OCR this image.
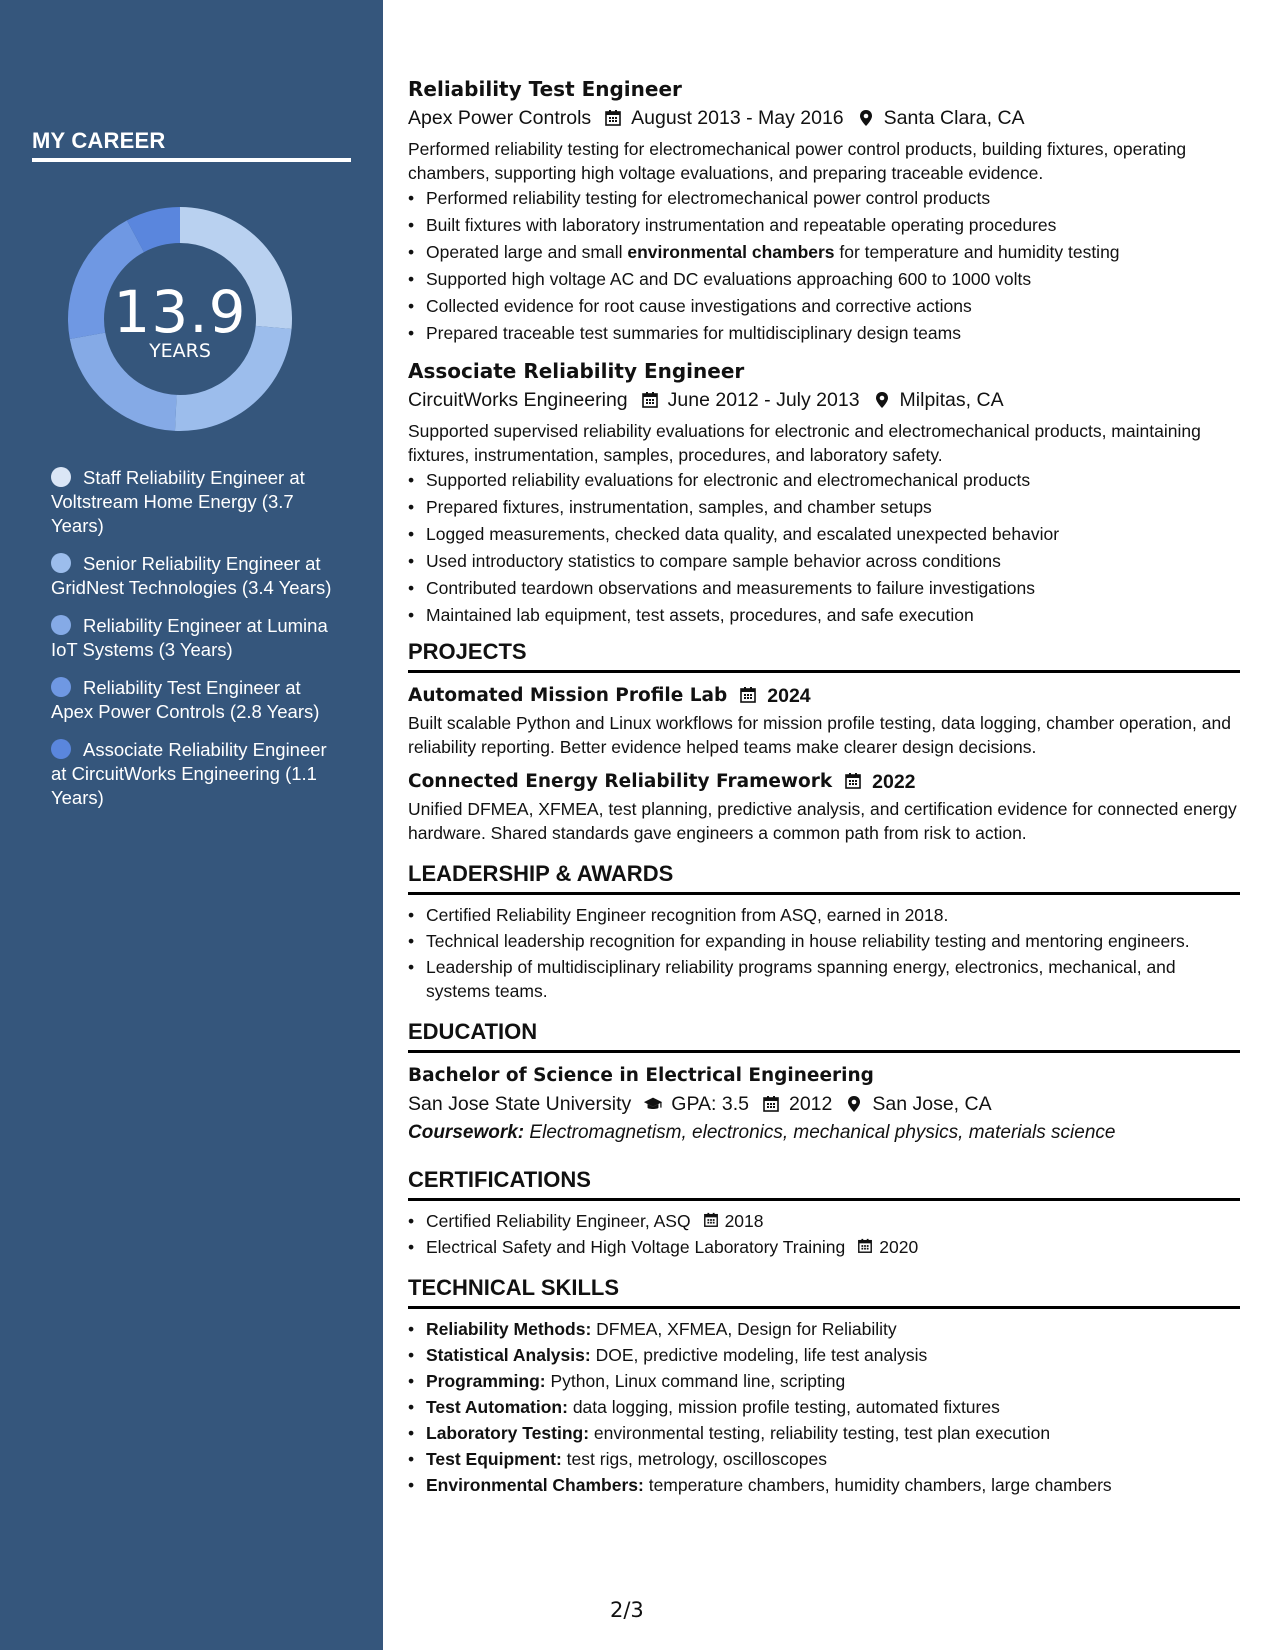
MY CAREER
13.9
YEARS
Staff Reliability Engineer at Voltstream Home Energy (3.7 Years)
Senior Reliability Engineer at GridNest Technologies (3.4 Years)
Reliability Engineer at Lumina IoT Systems (3 Years)
Reliability Test Engineer at Apex Power Controls (2.8 Years)
Associate Reliability Engineer at CircuitWorks Engineering (1.1 Years)
Reliability Test Engineer
Apex Power Controls August 2013 - May 2016 Santa Clara, CA

Performed reliability testing for electromechanical power control products, building fixtures, operating chambers, supporting high voltage evaluations, and preparing traceable evidence.

• Performed reliability testing for electromechanical power control products
• Built fixtures with laboratory instrumentation and repeatable operating procedures
• Operated large and small environmental chambers for temperature and humidity testing
• Supported high voltage AC and DC evaluations approaching 600 to 1000 volts
• Collected evidence for root cause investigations and corrective actions
• Prepared traceable test summaries for multidisciplinary design teams
Associate Reliability Engineer
CircuitWorks Engineering June 2012 - July 2013 Milpitas, CA

Supported supervised reliability evaluations for electronic and electromechanical products, maintaining fixtures, instrumentation, samples, procedures, and laboratory safety.

• Supported reliability evaluations for electronic and electromechanical products
• Prepared fixtures, instrumentation, samples, and chamber setups
• Logged measurements, checked data quality, and escalated unexpected behavior
• Used introductory statistics to compare sample behavior across conditions
• Contributed teardown observations and measurements to failure investigations
• Maintained lab equipment, test assets, procedures, and safe execution
PROJECTS
Automated Mission Profile Lab 2024

Built scalable Python and Linux workflows for mission profile testing, data logging, chamber operation, and reliability reporting. Better evidence helped teams make clearer design decisions.

Connected Energy Reliability Framework 2022

Unified DFMEA, XFMEA, test planning, predictive analysis, and certification evidence for connected energy hardware. Shared standards gave engineers a common path from risk to action.

LEADERSHIP & AWARDS
• Certified Reliability Engineer recognition from ASQ, earned in 2018.
• Technical leadership recognition for expanding in house reliability testing and mentoring engineers.
• Leadership of multidisciplinary reliability programs spanning energy, electronics, mechanical, and systems teams.
EDUCATION
Bachelor of Science in Electrical Engineering
San Jose State University GPA: 3.5 2012 San Jose, CA
Coursework: Electromagnetism, electronics, mechanical physics, materials science
CERTIFICATIONS
• Certified Reliability Engineer, ASQ 2018
• Electrical Safety and High Voltage Laboratory Training 2020
TECHNICAL SKILLS
• Reliability Methods: DFMEA, XFMEA, Design for Reliability
• Statistical Analysis: DOE, predictive modeling, life test analysis
• Programming: Python, Linux command line, scripting
• Test Automation: data logging, mission profile testing, automated fixtures
• Laboratory Testing: environmental testing, reliability testing, test plan execution
• Test Equipment: test rigs, metrology, oscilloscopes
• Environmental Chambers: temperature chambers, humidity chambers, large chambers
2/3
